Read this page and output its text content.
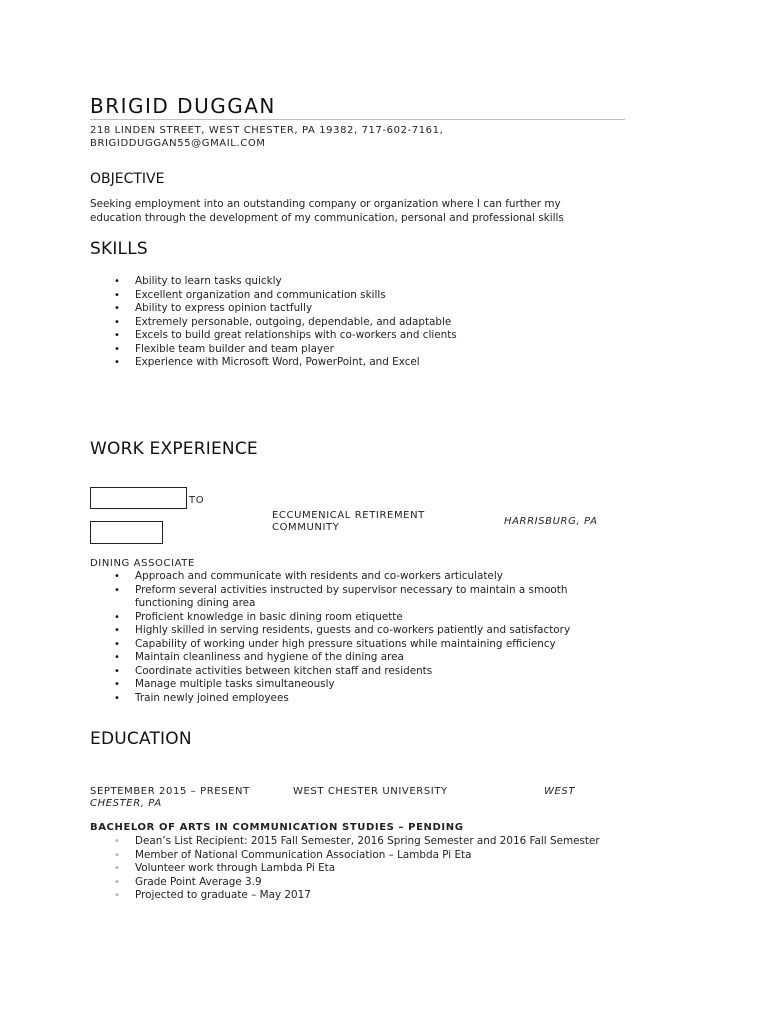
BRIGID DUGGAN
218 LINDEN STREET, WEST CHESTER, PA 19382, 717-602-7161,
BRIGIDDUGGAN55@GMAIL.COM
OBJECTIVE
Seeking employment into an outstanding company or organization where I can further my education through the development of my communication, personal and professional skills
SKILLS
• Ability to learn tasks quickly
• Excellent organization and communication skills
• Ability to express opinion tactfully
• Extremely personable, outgoing, dependable, and adaptable
• Excels to build great relationships with co-workers and clients
• Flexible team builder and team player
• Experience with Microsoft Word, PowerPoint, and Excel
WORK EXPERIENCE
TO
ECCUMENICAL RETIREMENT
COMMUNITY
HARRISBURG, PA
DINING ASSOCIATE
• Approach and communicate with residents and co-workers articulately
• Preform several activities instructed by supervisor necessary to maintain a smooth functioning dining area
• Proficient knowledge in basic dining room etiquette
• Highly skilled in serving residents, guests and co-workers patiently and satisfactory
• Capability of working under high pressure situations while maintaining efficiency
• Maintain cleanliness and hygiene of the dining area
• Coordinate activities between kitchen staff and residents
• Manage multiple tasks simultaneously
• Train newly joined employees
EDUCATION
SEPTEMBER 2015 – PRESENT	WEST CHESTER UNIVERSITY	WEST
CHESTER, PA
BACHELOR OF ARTS IN COMMUNICATION STUDIES – PENDING
• Dean’s List Recipient: 2015 Fall Semester, 2016 Spring Semester and 2016 Fall Semester
• Member of National Communication Association – Lambda Pi Eta
• Volunteer work through Lambda Pi Eta
• Grade Point Average 3.9
• Projected to graduate – May 2017
